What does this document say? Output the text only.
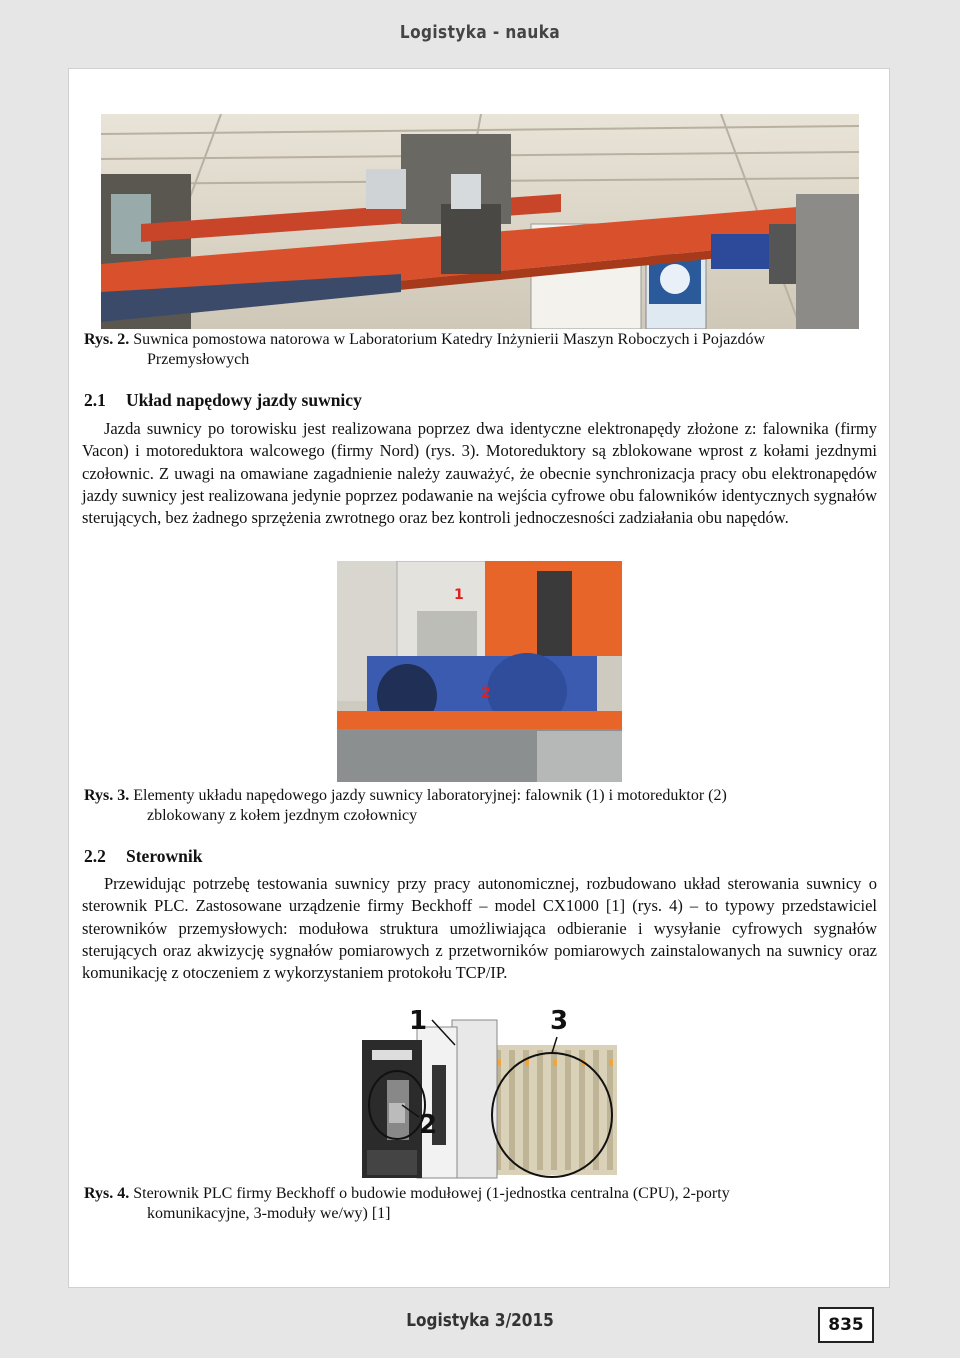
Logistyka - nauka
Rys. 2. Suwnica pomostowa natorowa w Laboratorium Katedry Inżynierii Maszyn Roboczych i Pojazdów
Przemysłowych
2.1 Układ napędowy jazdy suwnicy
Jazda suwnicy po torowisku jest realizowana poprzez dwa identyczne elektronapędy złożone z: falownika (firmy Vacon) i motoreduktora walcowego (firmy Nord) (rys. 3). Motoreduktory są zblokowane wprost z kołami jezdnymi czołownic. Z uwagi na omawiane zagadnienie należy zauważyć, że obecnie synchronizacja pracy obu elektronapędów jazdy suwnicy jest realizowana jedynie poprzez podawanie na wejścia cyfrowe obu falowników identycznych sygnałów sterujących, bez żadnego sprzężenia zwrotnego oraz bez kontroli jednoczesności zadziałania obu napędów.
1
2
Rys. 3. Elementy układu napędowego jazdy suwnicy laboratoryjnej: falownik (1) i motoreduktor (2)
zblokowany z kołem jezdnym czołownicy
2.2 Sterownik
Przewidując potrzebę testowania suwnicy przy pracy autonomicznej, rozbudowano układ sterowania suwnicy o sterownik PLC. Zastosowane urządzenie firmy Beckhoff – model CX1000 [1] (rys. 4) – to typowy przedstawiciel sterowników przemysłowych: modułowa struktura umożliwiająca odbieranie i wysyłanie cyfrowych sygnałów sterujących oraz akwizycję sygnałów pomiarowych z przetworników pomiarowych zainstalowanych na suwnicy oraz komunikację z otoczeniem z wykorzystaniem protokołu TCP/IP.
1
2
3
Rys. 4. Sterownik PLC firmy Beckhoff o budowie modułowej (1-jednostka centralna (CPU), 2-porty
komunikacyjne, 3-moduły we/wy) [1]
Logistyka 3/2015	835
